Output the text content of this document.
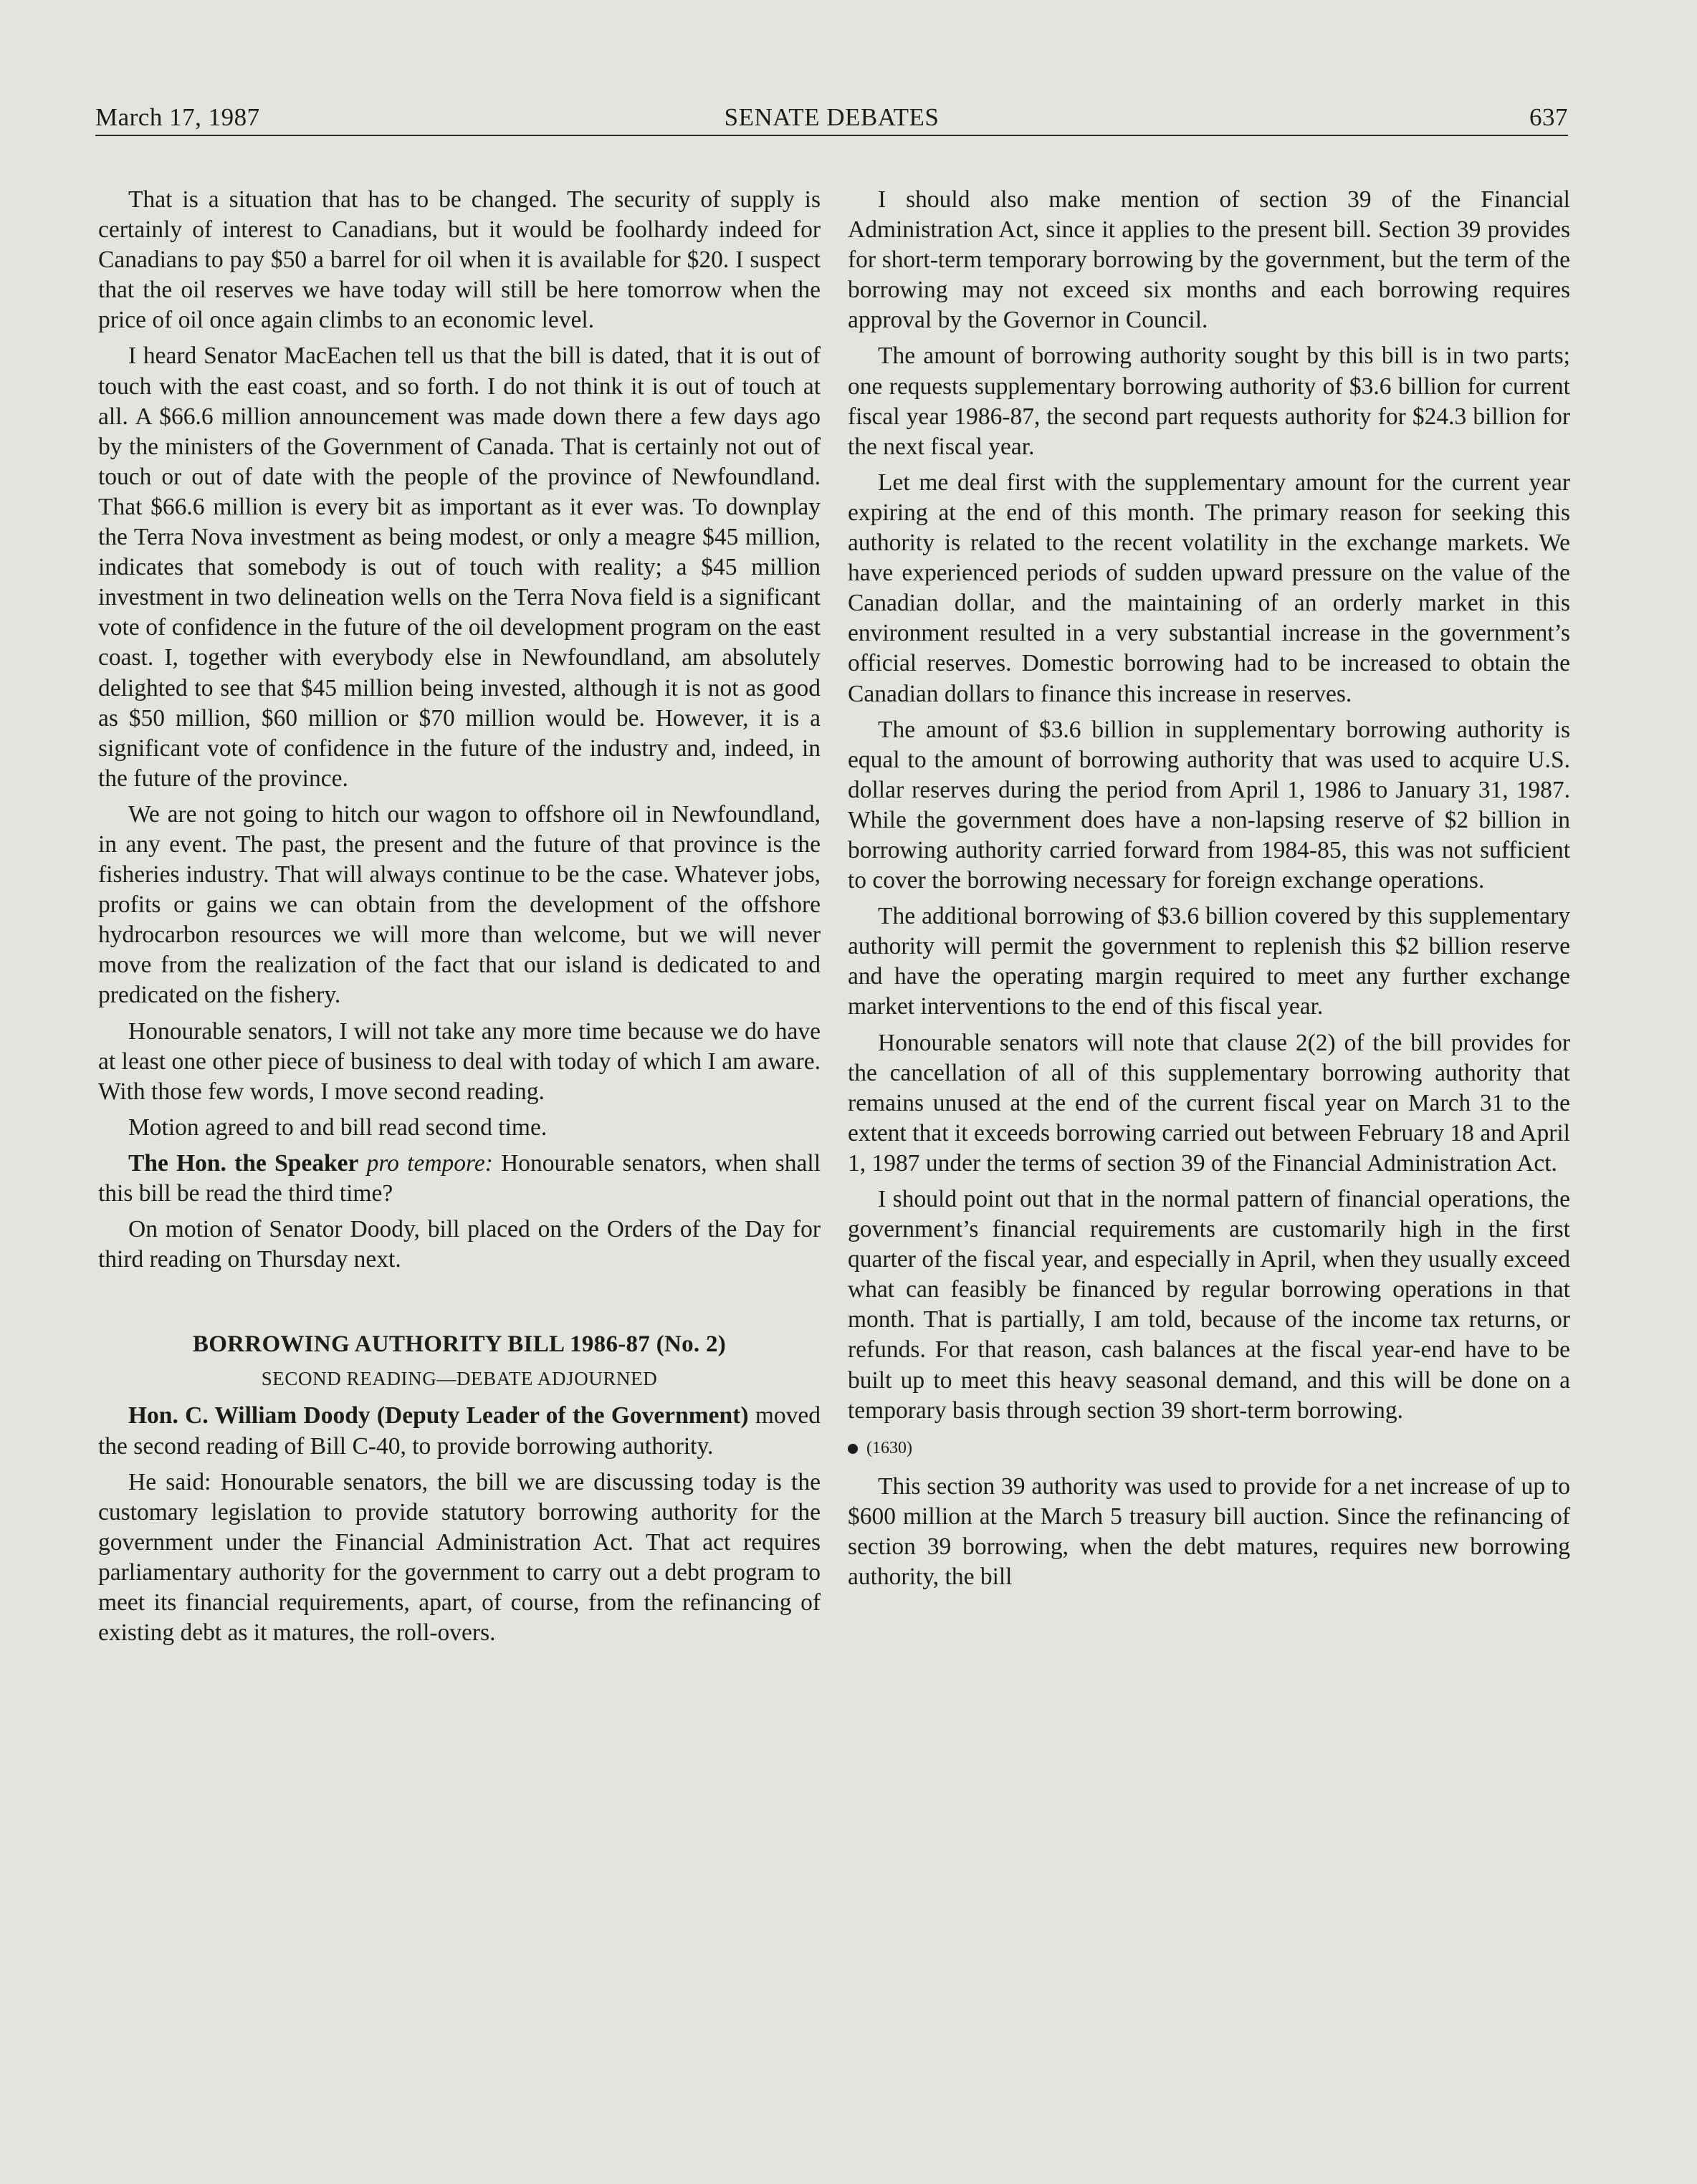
SENATE DEBATES
March 17, 1987	637

That is a situation that has to be changed. The security of supply is certainly of interest to Canadians, but it would be foolhardy indeed for Canadians to pay $50 a barrel for oil when it is available for $20. I suspect that the oil reserves we have today will still be here tomorrow when the price of oil once again climbs to an economic level.

I heard Senator MacEachen tell us that the bill is dated, that it is out of touch with the east coast, and so forth. I do not think it is out of touch at all. A $66.6 million announcement was made down there a few days ago by the ministers of the Government of Canada. That is certainly not out of touch or out of date with the people of the province of Newfoundland. That $66.6 million is every bit as important as it ever was. To downplay the Terra Nova investment as being modest, or only a meagre $45 million, indicates that somebody is out of touch with reality; a $45 million investment in two delineation wells on the Terra Nova field is a significant vote of confidence in the future of the oil development program on the east coast. I, together with everybody else in Newfoundland, am absolutely delighted to see that $45 million being invested, although it is not as good as $50 million, $60 million or $70 million would be. However, it is a significant vote of confidence in the future of the industry and, indeed, in the future of the province.

We are not going to hitch our wagon to offshore oil in Newfoundland, in any event. The past, the present and the future of that province is the fisheries industry. That will always continue to be the case. Whatever jobs, profits or gains we can obtain from the development of the offshore hydrocarbon resources we will more than welcome, but we will never move from the realization of the fact that our island is dedicated to and predicated on the fishery.

Honourable senators, I will not take any more time because we do have at least one other piece of business to deal with today of which I am aware. With those few words, I move second reading.

Motion agreed to and bill read second time.

The Hon. the Speaker pro tempore: Honourable senators, when shall this bill be read the third time?

On motion of Senator Doody, bill placed on the Orders of the Day for third reading on Thursday next.

BORROWING AUTHORITY BILL 1986-87 (No. 2)
SECOND READING—DEBATE ADJOURNED

Hon. C. William Doody (Deputy Leader of the Government) moved the second reading of Bill C-40, to provide borrowing authority.

He said: Honourable senators, the bill we are discussing today is the customary legislation to provide statutory borrowing authority for the government under the Financial Administration Act. That act requires parliamentary authority for the government to carry out a debt program to meet its financial requirements, apart, of course, from the refinancing of existing debt as it matures, the roll-overs.

I should also make mention of section 39 of the Financial Administration Act, since it applies to the present bill. Section 39 provides for short-term temporary borrowing by the government, but the term of the borrowing may not exceed six months and each borrowing requires approval by the Governor in Council.

The amount of borrowing authority sought by this bill is in two parts; one requests supplementary borrowing authority of $3.6 billion for current fiscal year 1986-87, the second part requests authority for $24.3 billion for the next fiscal year.

Let me deal first with the supplementary amount for the current year expiring at the end of this month. The primary reason for seeking this authority is related to the recent volatility in the exchange markets. We have experienced periods of sudden upward pressure on the value of the Canadian dollar, and the maintaining of an orderly market in this environment resulted in a very substantial increase in the government’s official reserves. Domestic borrowing had to be increased to obtain the Canadian dollars to finance this increase in reserves.

The amount of $3.6 billion in supplementary borrowing authority is equal to the amount of borrowing authority that was used to acquire U.S. dollar reserves during the period from April 1, 1986 to January 31, 1987. While the government does have a non-lapsing reserve of $2 billion in borrowing authority carried forward from 1984-85, this was not sufficient to cover the borrowing necessary for foreign exchange operations.

The additional borrowing of $3.6 billion covered by this supplementary authority will permit the government to replenish this $2 billion reserve and have the operating margin required to meet any further exchange market interventions to the end of this fiscal year.

Honourable senators will note that clause 2(2) of the bill provides for the cancellation of all of this supplementary borrowing authority that remains unused at the end of the current fiscal year on March 31 to the extent that it exceeds borrowing carried out between February 18 and April 1, 1987 under the terms of section 39 of the Financial Administration Act.

I should point out that in the normal pattern of financial operations, the government’s financial requirements are customarily high in the first quarter of the fiscal year, and especially in April, when they usually exceed what can feasibly be financed by regular borrowing operations in that month. That is partially, I am told, because of the income tax returns, or refunds. For that reason, cash balances at the fiscal year-end have to be built up to meet this heavy seasonal demand, and this will be done on a temporary basis through section 39 short-term borrowing.

(1630)

This section 39 authority was used to provide for a net increase of up to $600 million at the March 5 treasury bill auction. Since the refinancing of section 39 borrowing, when the debt matures, requires new borrowing authority, the bill
